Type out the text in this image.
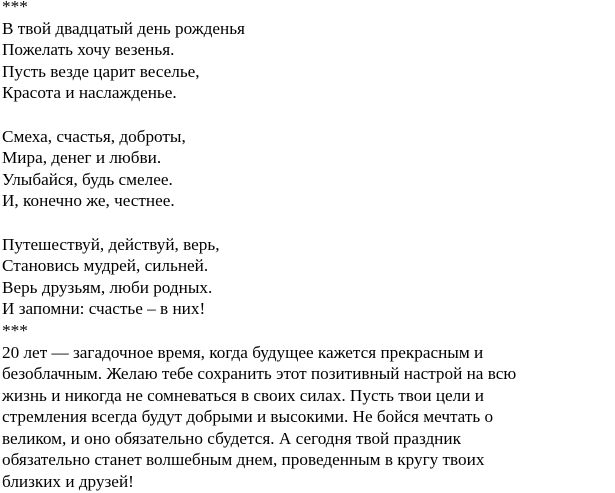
***
В твой двадцатый день рожденья
Пожелать хочу везенья.
Пусть везде царит веселье,
Красота и наслажденье.
Смеха, счастья, доброты,
Мира, денег и любви.
Улыбайся, будь смелее.
И, конечно же, честнее.
Путешествуй, действуй, верь,
Становись мудрей, сильней.
Верь друзьям, люби родных.
И запомни: счастье – в них!
***
20 лет — загадочное время, когда будущее кажется прекрасным и
безоблачным. Желаю тебе сохранить этот позитивный настрой на всю
жизнь и никогда не сомневаться в своих силах. Пусть твои цели и
стремления всегда будут добрыми и высокими. Не бойся мечтать о
великом, и оно обязательно сбудется. А сегодня твой праздник
обязательно станет волшебным днем, проведенным в кругу твоих
близких и друзей!
